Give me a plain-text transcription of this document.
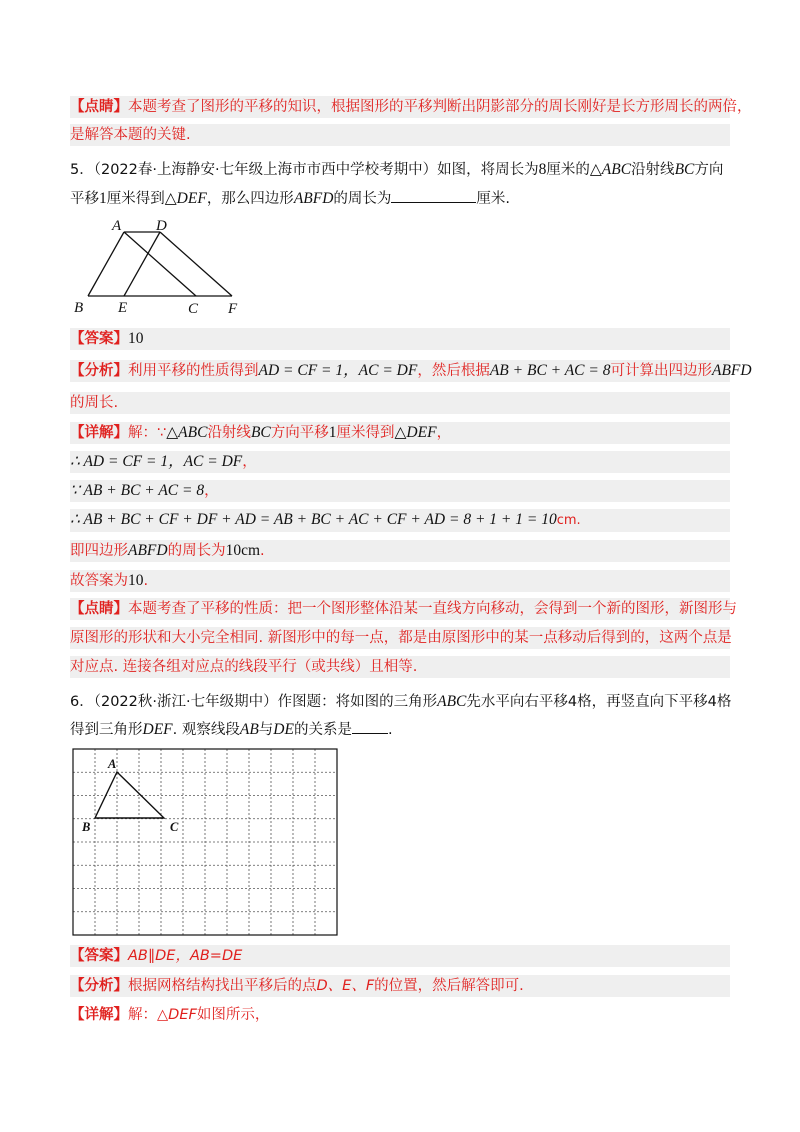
【点睛】本题考查了图形的平移的知识，根据图形的平移判断出阴影部分的周长刚好是长方形周长的两倍，
是解答本题的关键.
5．（2022春·上海静安·七年级上海市市西中学校考期中）如图，将周长为8厘米的△ABC沿射线BC方向
平移1厘米得到△DEF，那么四边形ABFD的周长为	厘米.
A D
B E	C F
【答案】10
【分析】利用平移的性质得到AD = CF = 1，AC = DF，然后根据AB + BC + AC = 8可计算出四边形ABFD
的周长.
【详解】解：∵△ABC沿射线BC方向平移1厘米得到△DEF，
∴ AD = CF = 1，AC = DF，
∵ AB + BC + AC = 8，
∴ AB + BC + CF + DF + AD = AB + BC + AC + CF + AD = 8 + 1 + 1 = 10cm.
即四边形ABFD的周长为10cm.
故答案为10.
【点睛】本题考查了平移的性质：把一个图形整体沿某一直线方向移动，会得到一个新的图形，新图形与
原图形的形状和大小完全相同. 新图形中的每一点，都是由原图形中的某一点移动后得到的，这两个点是
对应点. 连接各组对应点的线段平行（或共线）且相等.
6．（2022秋·浙江·七年级期中）作图题：将如图的三角形ABC先水平向右平移4格，再竖直向下平移4格
得到三角形DEF. 观察线段AB与DE的关系是 .
A
B	C
【答案】AB∥DE，AB=DE
【分析】根据网格结构找出平移后的点D、E、F的位置，然后解答即可.
【详解】解：△DEF如图所示，
